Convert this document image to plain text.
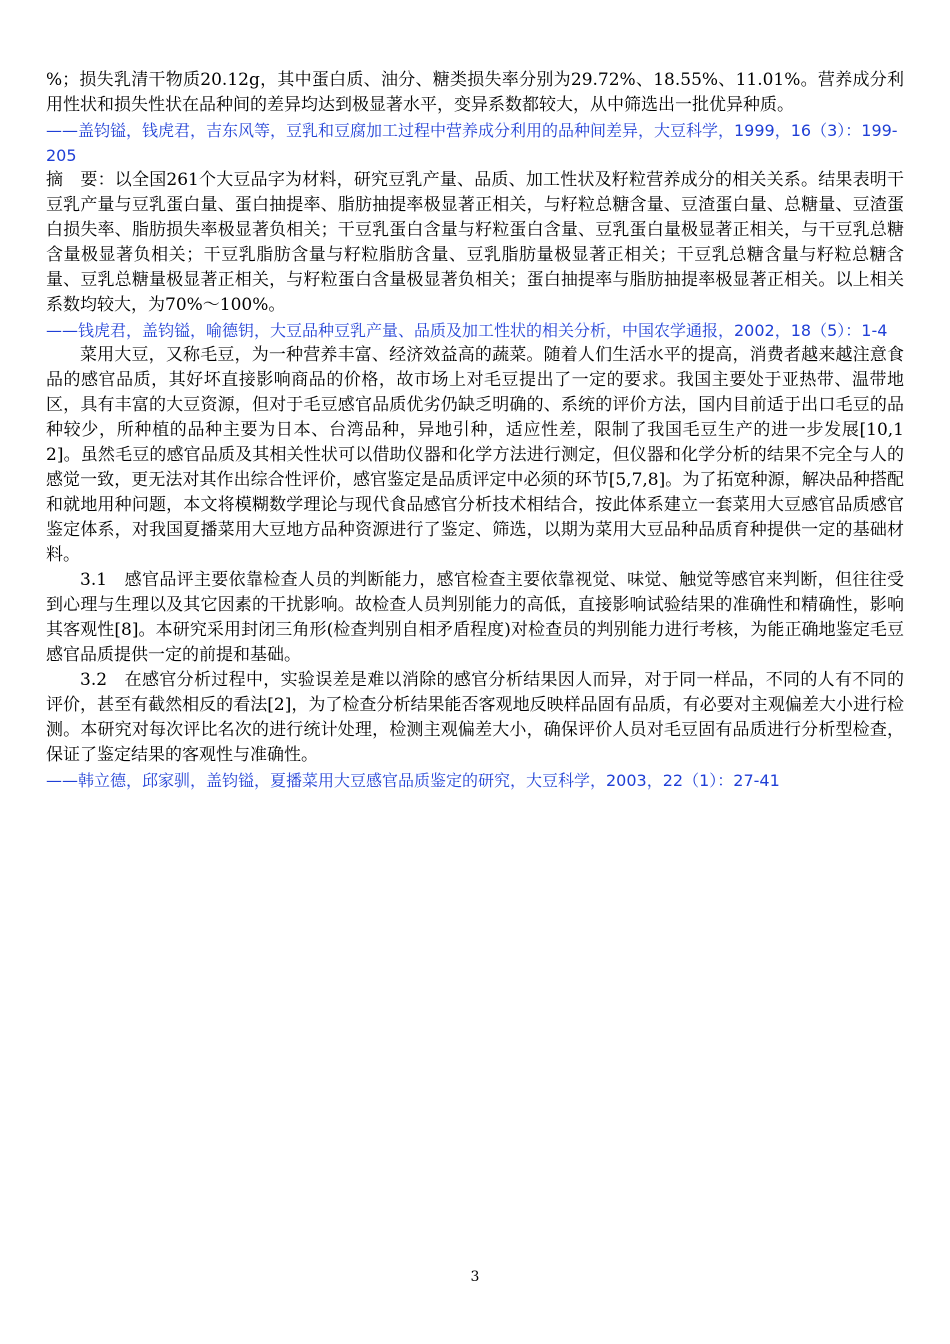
%；损失乳清干物质20.12g，其中蛋白质、油分、糖类损失率分别为29.72%、18.55%、11.01%。营养成分利用性状和损失性状在品种间的差异均达到极显著水平，变异系数都较大，从中筛选出一批优异种质。

——盖钧镒，钱虎君，吉东风等，豆乳和豆腐加工过程中营养成分利用的品种间差异，大豆科学，1999，16（3）：199-205

摘　要：以全国261个大豆品字为材料，研究豆乳产量、品质、加工性状及籽粒营养成分的相关关系。结果表明干豆乳产量与豆乳蛋白量、蛋白抽提率、脂肪抽提率极显著正相关，与籽粒总糖含量、豆渣蛋白量、总糖量、豆渣蛋白损失率、脂肪损失率极显著负相关；干豆乳蛋白含量与籽粒蛋白含量、豆乳蛋白量极显著正相关，与干豆乳总糖含量极显著负相关；干豆乳脂肪含量与籽粒脂肪含量、豆乳脂肪量极显著正相关；干豆乳总糖含量与籽粒总糖含量、豆乳总糖量极显著正相关，与籽粒蛋白含量极显著负相关；蛋白抽提率与脂肪抽提率极显著正相关。以上相关系数均较大，为70%～100%。

——钱虎君，盖钧镒，喻德钥，大豆品种豆乳产量、品质及加工性状的相关分析，中国农学通报，2002，18（5）：1-4

菜用大豆，又称毛豆，为一种营养丰富、经济效益高的蔬菜。随着人们生活水平的提高，消费者越来越注意食品的感官品质，其好坏直接影响商品的价格，故市场上对毛豆提出了一定的要求。我国主要处于亚热带、温带地区，具有丰富的大豆资源，但对于毛豆感官品质优劣仍缺乏明确的、系统的评价方法，国内目前适于出口毛豆的品种较少，所种植的品种主要为日本、台湾品种，异地引种，适应性差，限制了我国毛豆生产的进一步发展[10,12]。虽然毛豆的感官品质及其相关性状可以借助仪器和化学方法进行测定，但仪器和化学分析的结果不完全与人的感觉一致，更无法对其作出综合性评价，感官鉴定是品质评定中必须的环节[5,7,8]。为了拓宽种源，解决品种搭配和就地用种问题，本文将模糊数学理论与现代食品感官分析技术相结合，按此体系建立一套菜用大豆感官品质感官鉴定体系，对我国夏播菜用大豆地方品种资源进行了鉴定、筛选，以期为菜用大豆品种品质育种提供一定的基础材料。

3.1　感官品评主要依靠检查人员的判断能力，感官检查主要依靠视觉、味觉、触觉等感官来判断，但往往受到心理与生理以及其它因素的干扰影响。故检查人员判别能力的高低，直接影响试验结果的准确性和精确性，影响其客观性[8]。本研究采用封闭三角形(检查判别自相矛盾程度)对检查员的判别能力进行考核，为能正确地鉴定毛豆感官品质提供一定的前提和基础。

3.2　在感官分析过程中，实验误差是难以消除的感官分析结果因人而异，对于同一样品，不同的人有不同的评价，甚至有截然相反的看法[2]，为了检查分析结果能否客观地反映样品固有品质，有必要对主观偏差大小进行检测。本研究对每次评比名次的进行统计处理，检测主观偏差大小，确保评价人员对毛豆固有品质进行分析型检查，保证了鉴定结果的客观性与准确性。

——韩立德，邱家驯，盖钧镒，夏播菜用大豆感官品质鉴定的研究，大豆科学，2003，22（1）：27-41

3
